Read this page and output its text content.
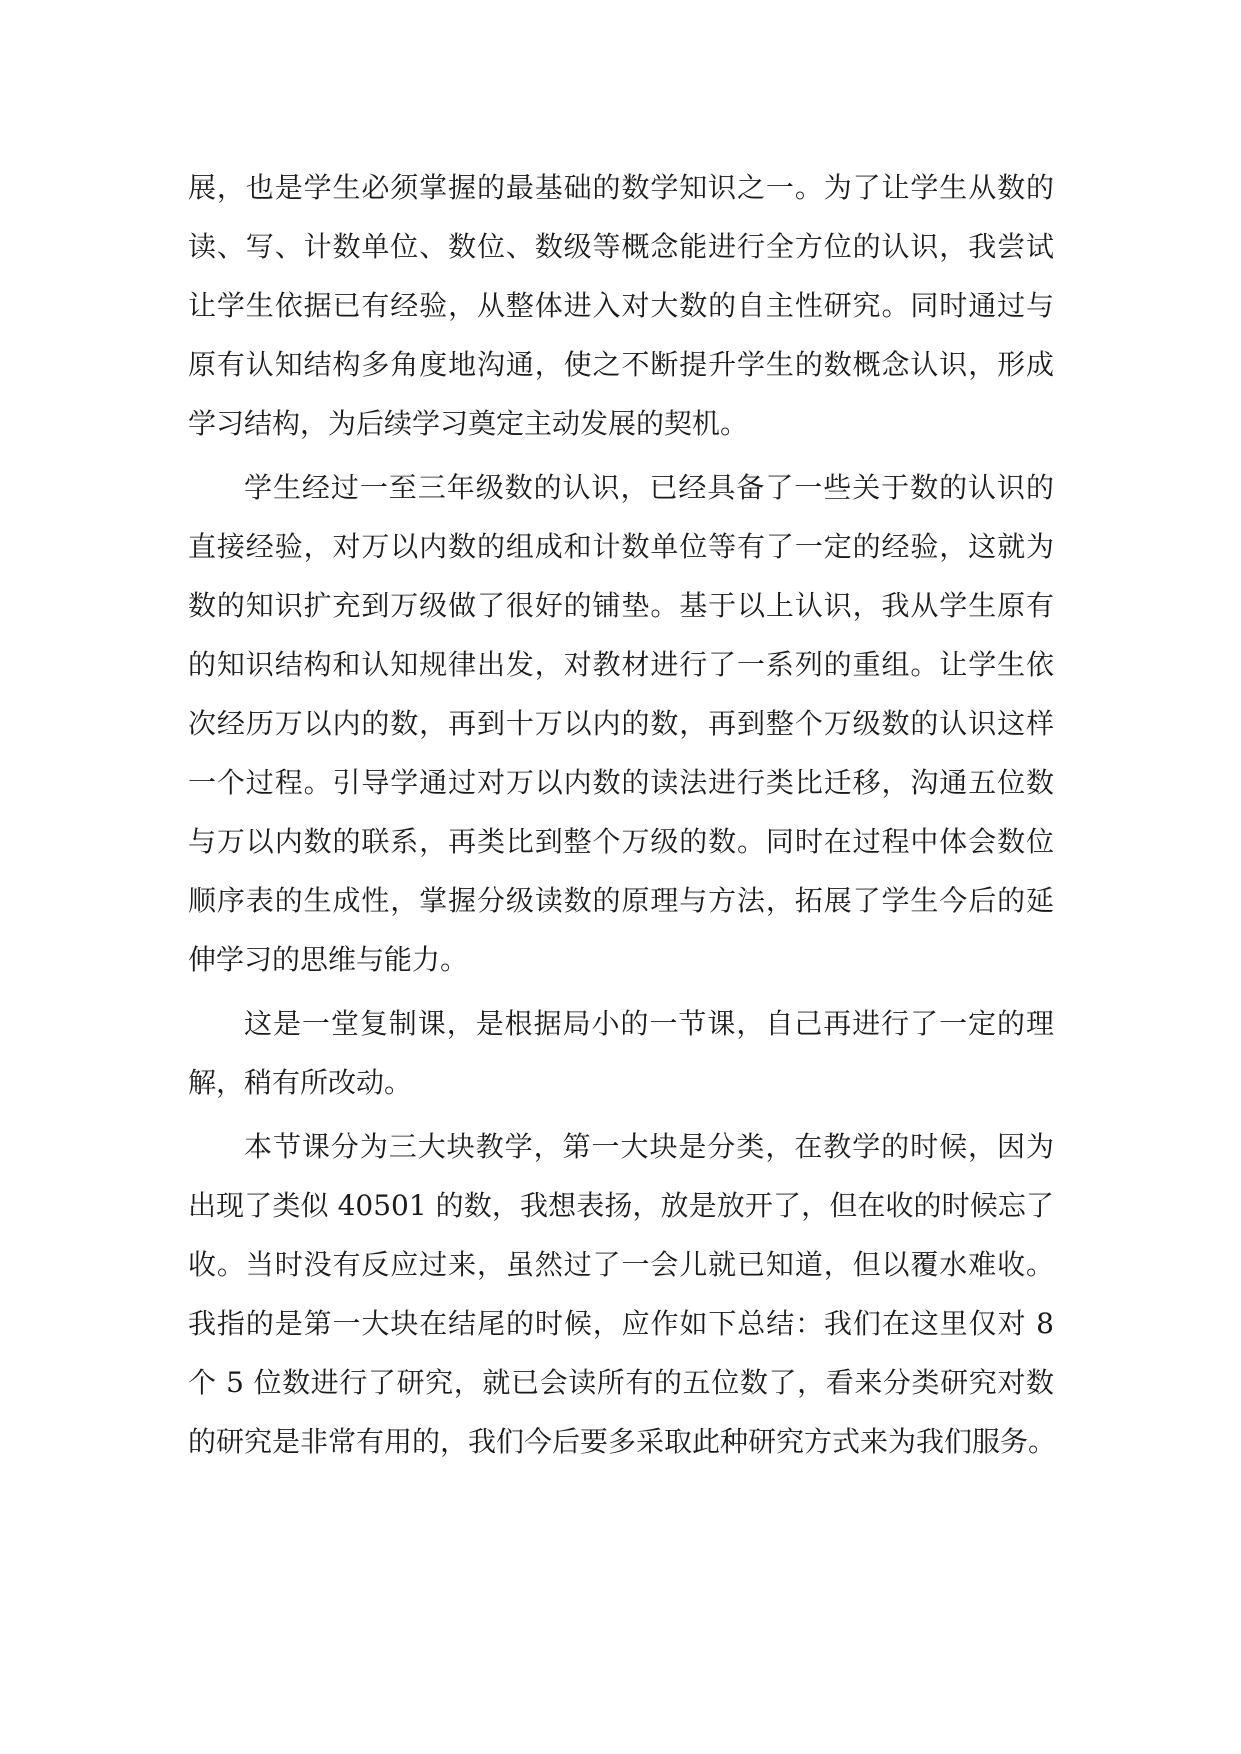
展，也是学生必须掌握的最基础的数学知识之一。为了让学生从数的
读、写、计数单位、数位、数级等概念能进行全方位的认识，我尝试
让学生依据已有经验，从整体进入对大数的自主性研究。同时通过与
原有认知结构多角度地沟通，使之不断提升学生的数概念认识，形成
学习结构，为后续学习奠定主动发展的契机。
学生经过一至三年级数的认识，已经具备了一些关于数的认识的
直接经验，对万以内数的组成和计数单位等有了一定的经验，这就为
数的知识扩充到万级做了很好的铺垫。基于以上认识，我从学生原有
的知识结构和认知规律出发，对教材进行了一系列的重组。让学生依
次经历万以内的数，再到十万以内的数，再到整个万级数的认识这样
一个过程。引导学通过对万以内数的读法进行类比迁移，沟通五位数
与万以内数的联系，再类比到整个万级的数。同时在过程中体会数位
顺序表的生成性，掌握分级读数的原理与方法，拓展了学生今后的延
伸学习的思维与能力。
这是一堂复制课，是根据局小的一节课，自己再进行了一定的理
解，稍有所改动。
本节课分为三大块教学，第一大块是分类，在教学的时候，因为
出现了类似 40501 的数，我想表扬，放是放开了，但在收的时候忘了
收。当时没有反应过来，虽然过了一会儿就已知道，但以覆水难收。
我指的是第一大块在结尾的时候，应作如下总结：我们在这里仅对 8
个 5 位数进行了研究，就已会读所有的五位数了，看来分类研究对数
的研究是非常有用的，我们今后要多采取此种研究方式来为我们服务。
